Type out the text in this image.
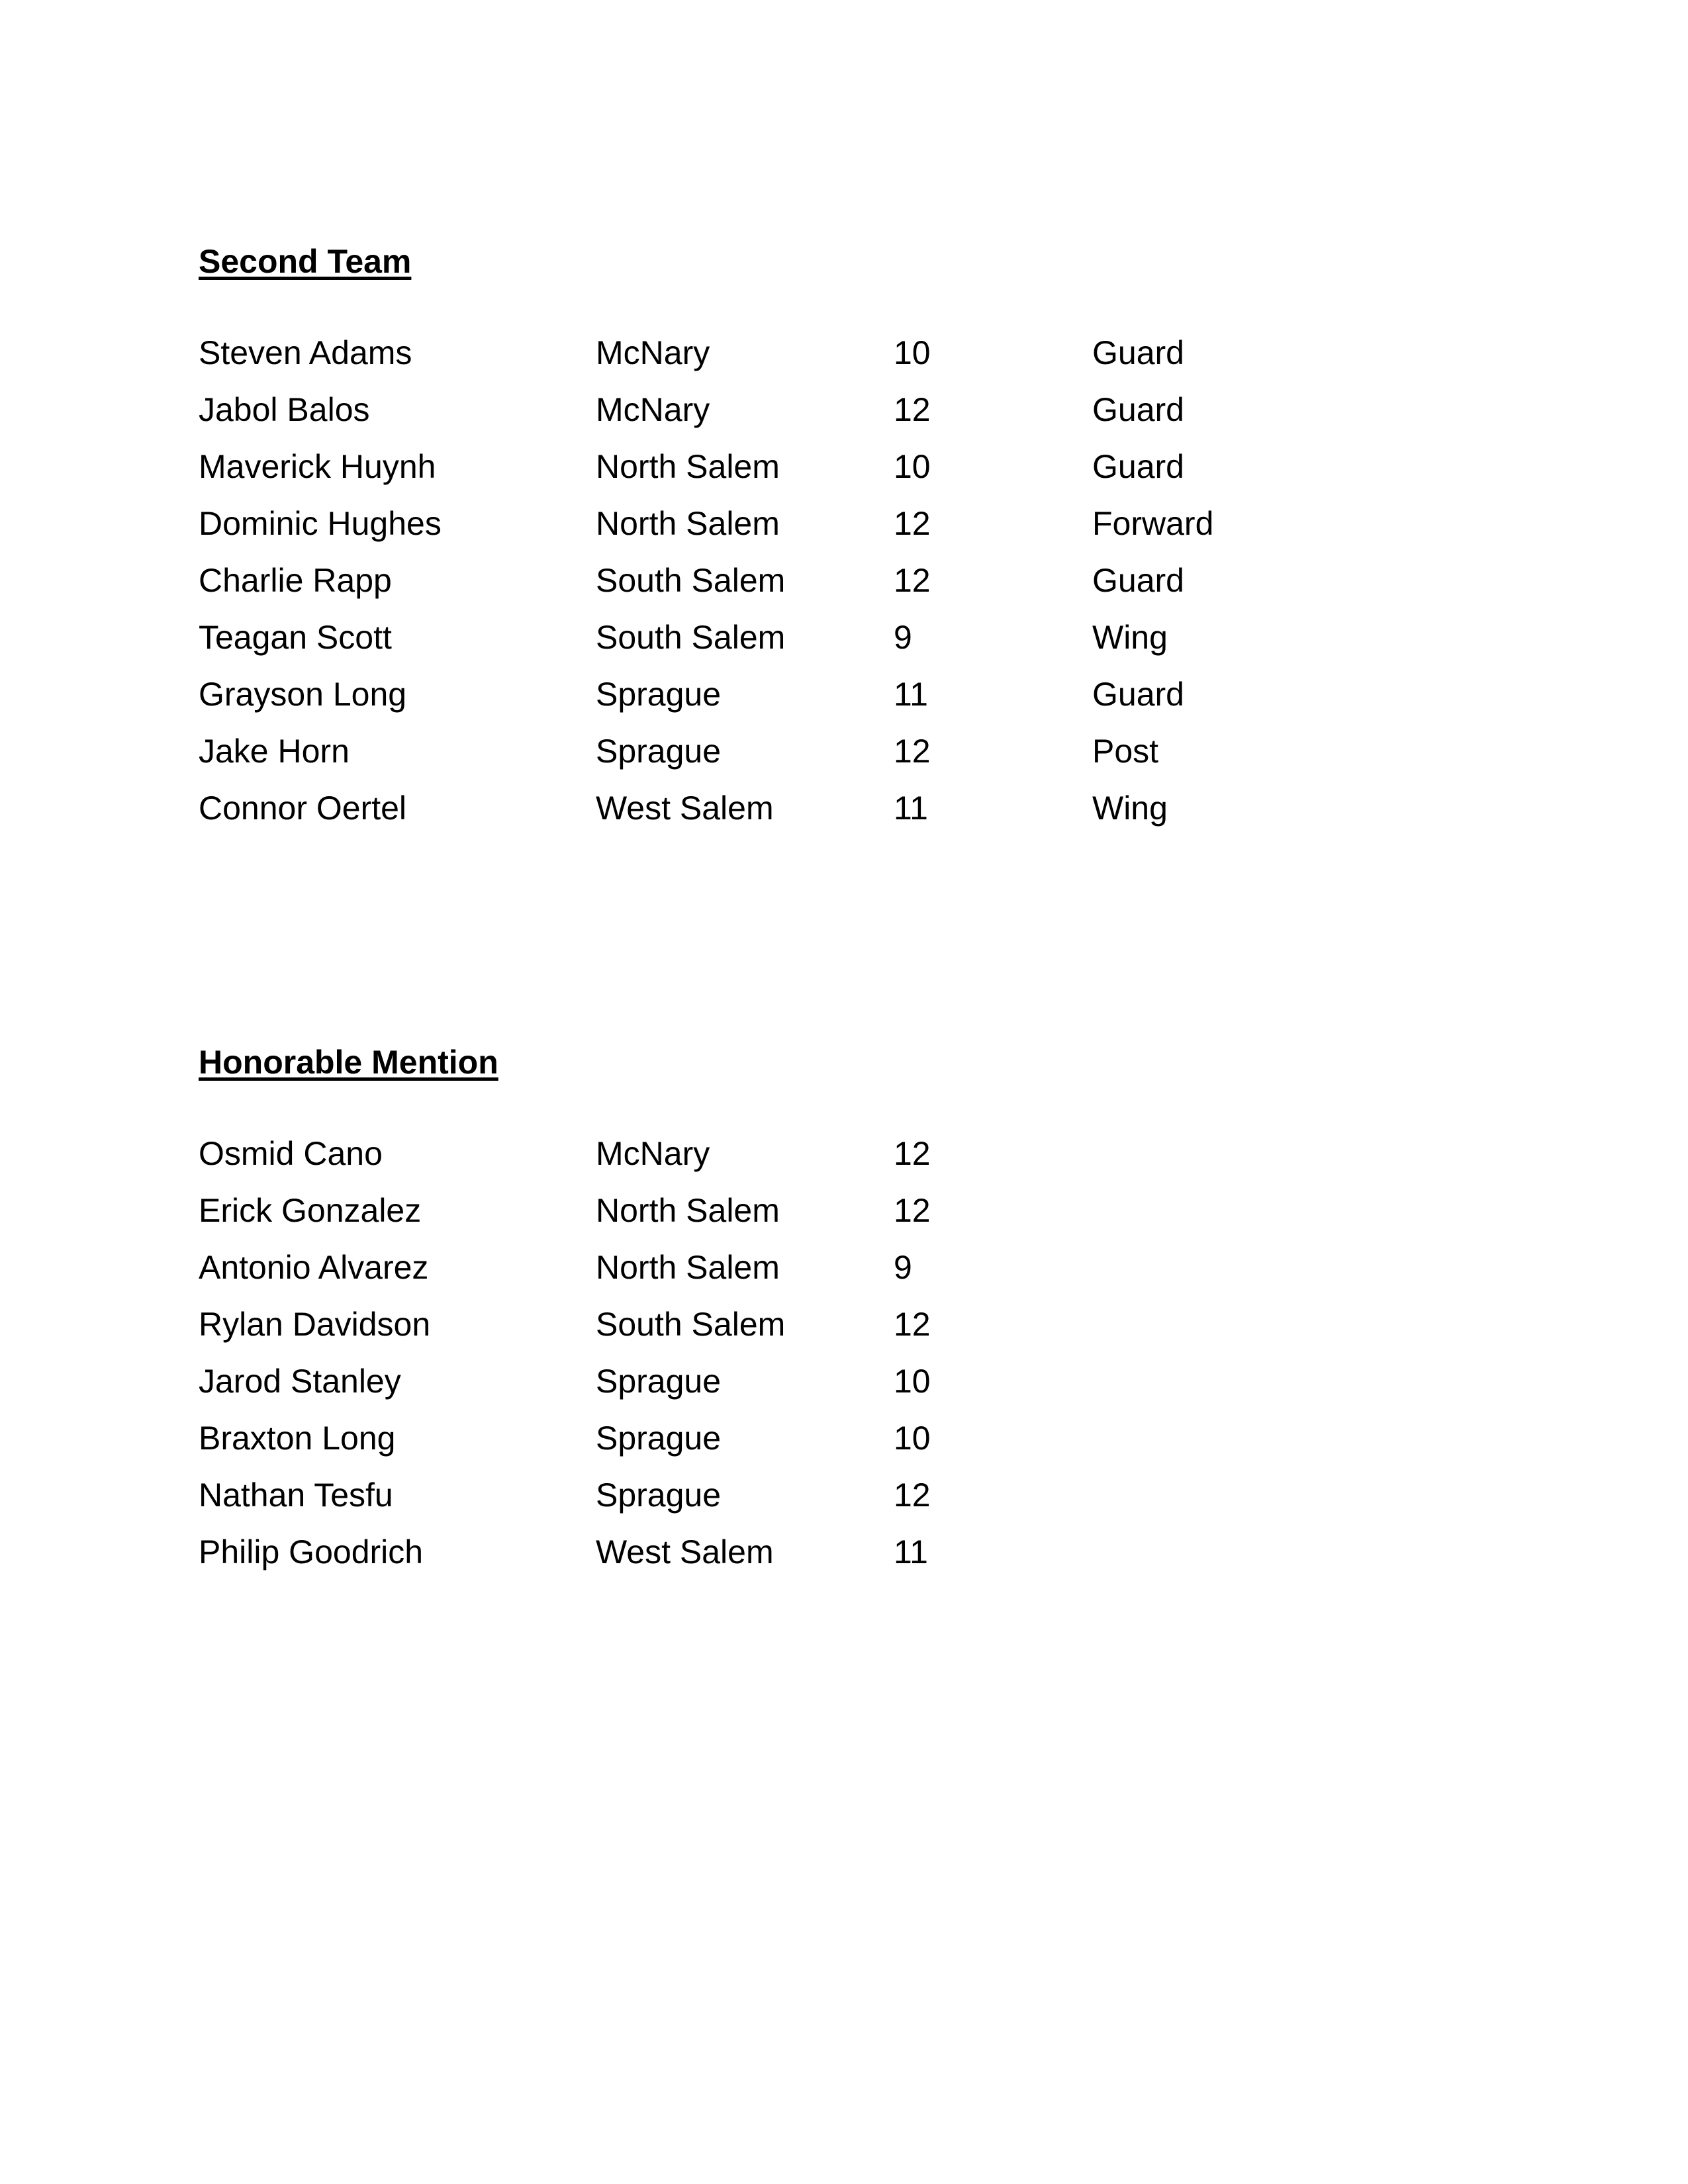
Second Team
Steven Adams	McNary	10	Guard
Jabol Balos	McNary	12	Guard
Maverick Huynh	North Salem	10	Guard
Dominic Hughes	North Salem	12	Forward
Charlie Rapp	South Salem	12	Guard
Teagan Scott	South Salem	9	Wing
Grayson Long	Sprague	11	Guard
Jake Horn	Sprague	12	Post
Connor Oertel	West Salem	11	Wing
Honorable Mention
Osmid Cano	McNary	12
Erick Gonzalez	North Salem	12
Antonio Alvarez	North Salem	9
Rylan Davidson	South Salem	12
Jarod Stanley	Sprague	10
Braxton Long	Sprague	10
Nathan Tesfu	Sprague	12
Philip Goodrich	West Salem	11
